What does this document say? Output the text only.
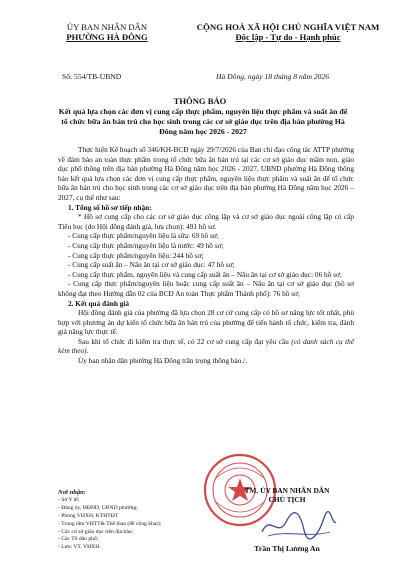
ỦY BAN NHÂN DÂN
PHƯỜNG HÀ ĐÔNG
CỘNG HOÀ XÃ HỘI CHỦ NGHĨA VIỆT NAM
Độc lập - Tự do - Hạnh phúc
Số: 554/TB-UBND	Hà Đông, ngày 18 tháng 8 năm 2026
THÔNG BÁO
Kết quả lựa chọn các đơn vị cung cấp thực phẩm, nguyên liệu thực phẩm và suất ăn để tổ chức bữa ăn bán trú cho học sinh trong các cơ sở giáo dục trên địa bàn phường Hà Đông năm học 2026 - 2027

Thực hiện Kế hoạch số 346/KH-BCĐ ngày 29/7/2026 của Ban chỉ đạo công tác ATTP phường về đảm bảo an toàn thực phẩm trong tổ chức bữa ăn bán trú tại các cơ sở giáo dục mầm non, giáo dục phổ thông trên địa bàn phường Hà Đông năm học 2026 - 2027, UBND phường Hà Đông thông báo kết quả lựa chọn các đơn vị cung cấp thực phẩm, nguyên liệu thực phẩm và suất ăn để tổ chức bữa ăn bán trú cho học sinh trong các cơ sở giáo dục trên địa bàn phường Hà Đông năm học 2026 – 2027, cụ thể như sau:

1. Tổng số hồ sơ tiếp nhận:

* Hồ sơ cung cấp cho các cơ sở giáo dục công lập và cơ sở giáo dục ngoài công lập có cấp Tiểu học (do Hội đồng đánh giá, lựa chọn): 491 hồ sơ.

- Cung cấp thực phẩm/nguyên liệu là sữa: 69 hồ sơ;

- Cung cấp thực phẩm/nguyên liệu là nước: 49 hồ sơ;

- Cung cấp thực phẩm/nguyên liệu: 244 hồ sơ;

- Cung cấp suất ăn – Nấu ăn tại cơ sở giáo dục: 47 hồ sơ;

- Cung cấp thực phẩm, nguyên liệu và cung cấp suất ăn – Nấu ăn tại cơ sở giáo dục: 06 hồ sơ;

- Cung cấp thực phẩm/nguyên liệu hoặc cung cấp suất ăn – Nấu ăn tại cơ sở giáo dục (hồ sơ không đạt theo Hướng dẫn 02 của BCĐ An toàn Thực phẩm Thành phố): 76 hồ sơ;

2. Kết quả đánh giá

Hội đồng đánh giá của phường đã lựa chọn 28 cơ cở cung cấp có hồ sơ năng lực tốt nhất, phù hợp với phương án dự kiến tổ chức bữa ăn bán trú của phường để tiến hành tổ chức, kiểm tra, đánh giá năng lực thực tế.

Sau khi tổ chức đi kiểm tra thực tế, có 22 cơ sở cung cấp đạt yêu cầu (có danh sách cụ thể kèm theo).

Ủy ban nhân dân phường Hà Đông trân trọng thông báo./.

Nơi nhận:
- Sở Y tế;
- Đảng ủy, HĐND, UBND phường;
- Phòng VHXH, KTHTĐT
- Trung tâm VHTT& Thể thao (để công khai);
- Các cơ sở giáo dục trên địa bàn;
- Các Tổ dân phố;
- Lưu: VT, VHXH.
TM. ỦY BAN NHÂN DÂN
CHỦ TỊCH
Trần Thị Lương An
